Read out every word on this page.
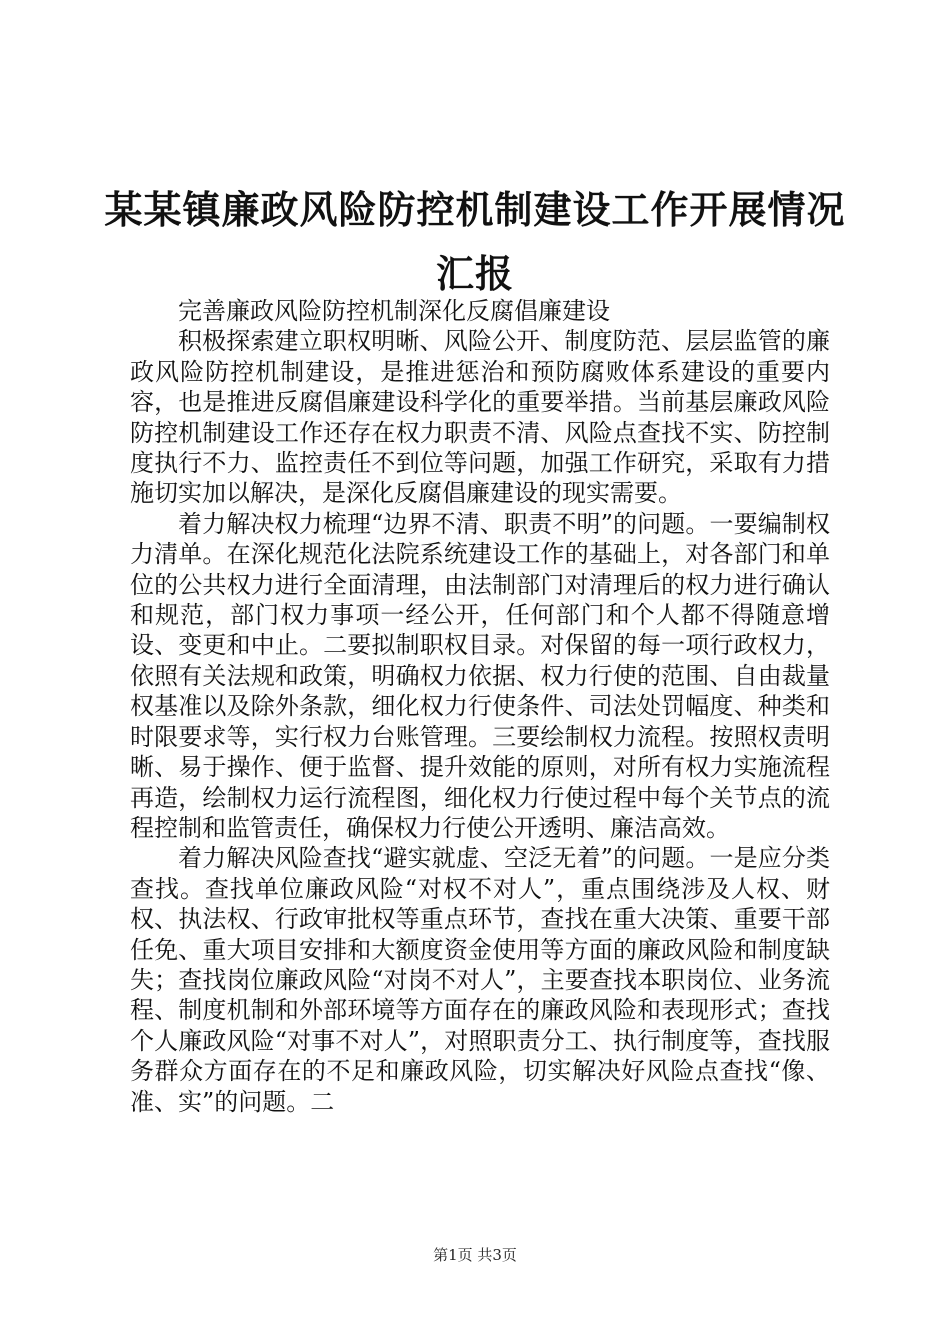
某某镇廉政风险防控机制建设工作开展情况汇报

完善廉政风险防控机制深化反腐倡廉建设

积极探索建立职权明晰、风险公开、制度防范、层层监管的廉政风险防控机制建设，是推进惩治和预防腐败体系建设的重要内容，也是推进反腐倡廉建设科学化的重要举措。当前基层廉政风险防控机制建设工作还存在权力职责不清、风险点查找不实、防控制度执行不力、监控责任不到位等问题，加强工作研究，采取有力措施切实加以解决，是深化反腐倡廉建设的现实需要。

着力解决权力梳理“边界不清、职责不明”的问题。一要编制权力清单。在深化规范化法院系统建设工作的基础上，对各部门和单位的公共权力进行全面清理，由法制部门对清理后的权力进行确认和规范，部门权力事项一经公开，任何部门和个人都不得随意增设、变更和中止。二要拟制职权目录。对保留的每一项行政权力，依照有关法规和政策，明确权力依据、权力行使的范围、自由裁量权基准以及除外条款，细化权力行使条件、司法处罚幅度、种类和时限要求等，实行权力台账管理。三要绘制权力流程。按照权责明晰、易于操作、便于监督、提升效能的原则，对所有权力实施流程再造，绘制权力运行流程图，细化权力行使过程中每个关节点的流程控制和监管责任，确保权力行使公开透明、廉洁高效。

着力解决风险查找“避实就虚、空泛无着”的问题。一是应分类查找。查找单位廉政风险“对权不对人”，重点围绕涉及人权、财权、执法权、行政审批权等重点环节，查找在重大决策、重要干部任免、重大项目安排和大额度资金使用等方面的廉政风险和制度缺失；查找岗位廉政风险“对岗不对人”，主要查找本职岗位、业务流程、制度机制和外部环境等方面存在的廉政风险和表现形式；查找个人廉政风险“对事不对人”，对照职责分工、执行制度等，查找服务群众方面存在的不足和廉政风险，切实解决好风险点查找“像、准、实”的问题。二

第1页 共3页
